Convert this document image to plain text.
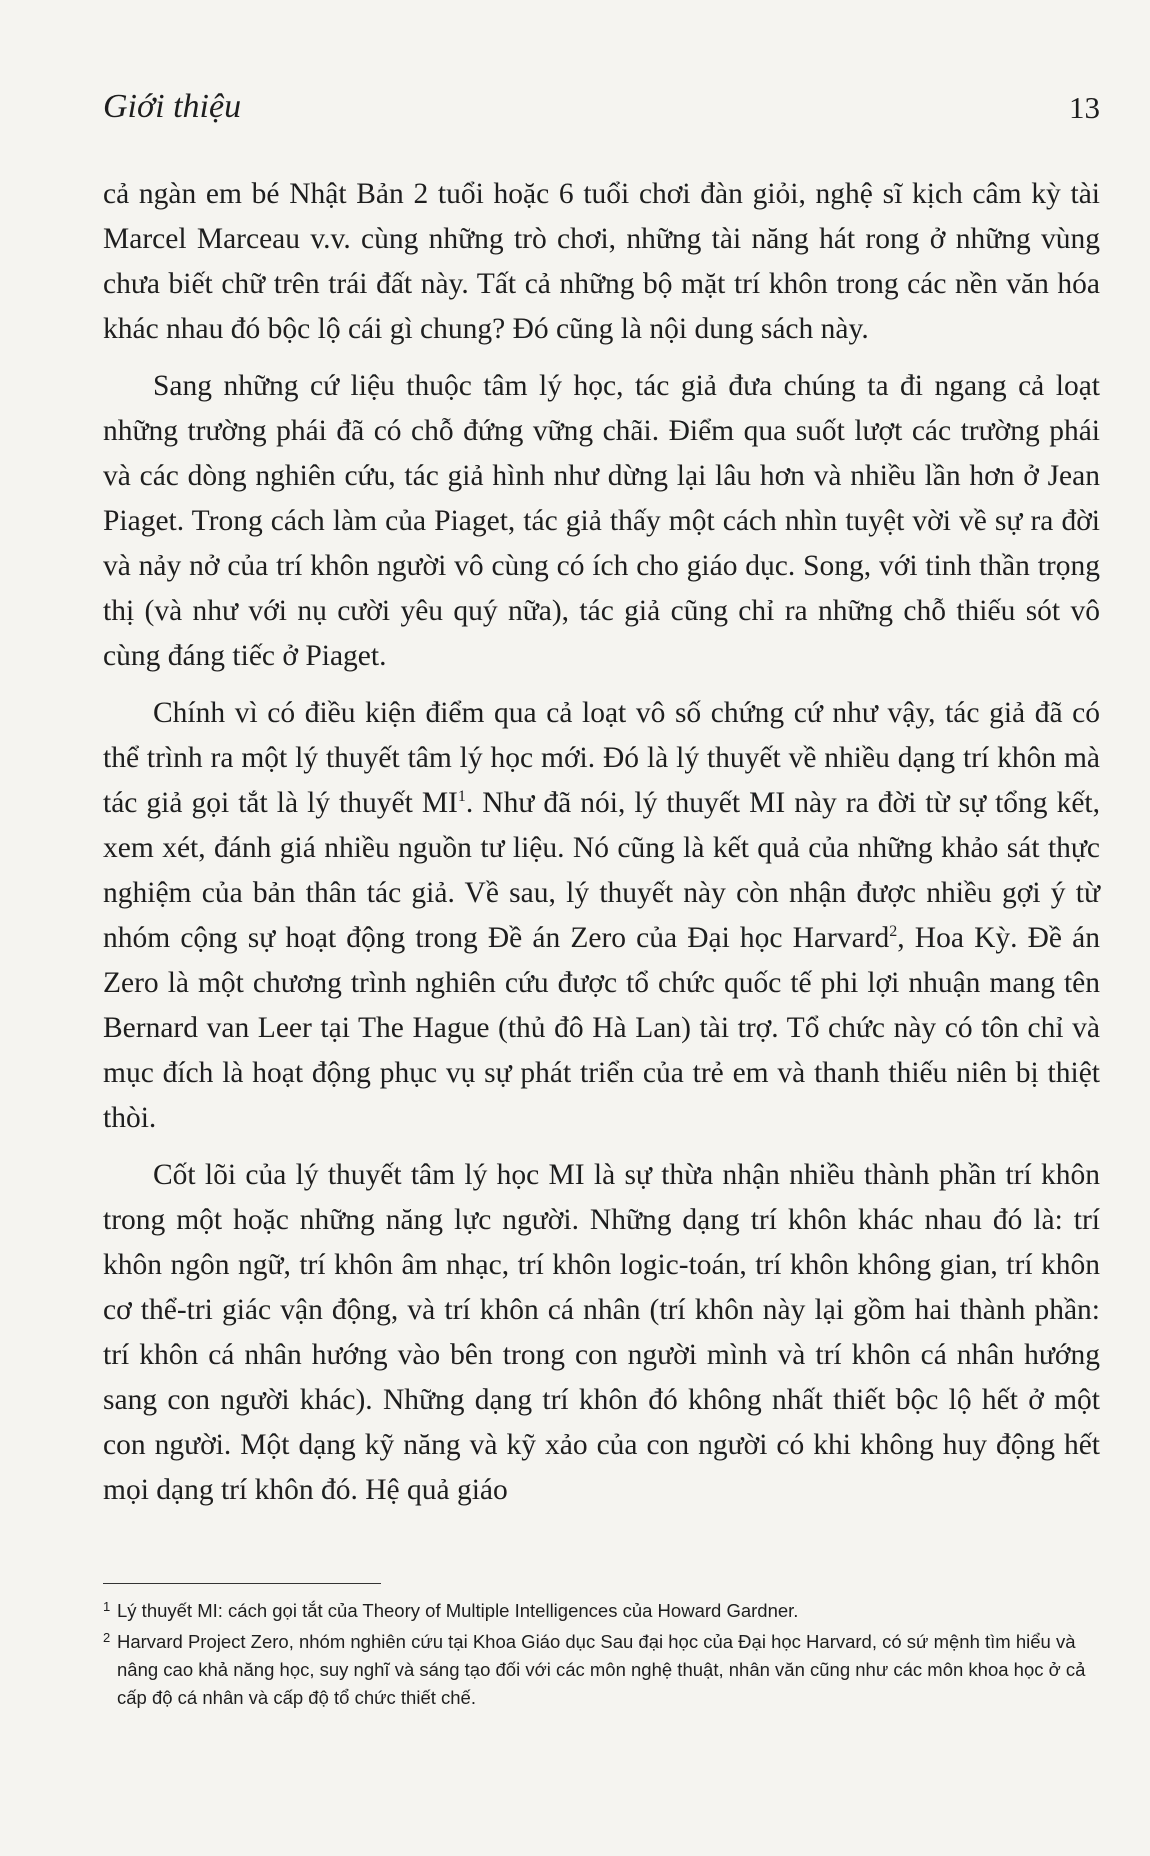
Giới thiệu	13

cả ngàn em bé Nhật Bản 2 tuổi hoặc 6 tuổi chơi đàn giỏi, nghệ sĩ kịch câm kỳ tài Marcel Marceau v.v. cùng những trò chơi, những tài năng hát rong ở những vùng chưa biết chữ trên trái đất này. Tất cả những bộ mặt trí khôn trong các nền văn hóa khác nhau đó bộc lộ cái gì chung? Đó cũng là nội dung sách này.

Sang những cứ liệu thuộc tâm lý học, tác giả đưa chúng ta đi ngang cả loạt những trường phái đã có chỗ đứng vững chãi. Điểm qua suốt lượt các trường phái và các dòng nghiên cứu, tác giả hình như dừng lại lâu hơn và nhiều lần hơn ở Jean Piaget. Trong cách làm của Piaget, tác giả thấy một cách nhìn tuyệt vời về sự ra đời và nảy nở của trí khôn người vô cùng có ích cho giáo dục. Song, với tinh thần trọng thị (và như với nụ cười yêu quý nữa), tác giả cũng chỉ ra những chỗ thiếu sót vô cùng đáng tiếc ở Piaget.

Chính vì có điều kiện điểm qua cả loạt vô số chứng cứ như vậy, tác giả đã có thể trình ra một lý thuyết tâm lý học mới. Đó là lý thuyết về nhiều dạng trí khôn mà tác giả gọi tắt là lý thuyết $MI^1$. Như đã nói, lý thuyết MI này ra đời từ sự tổng kết, xem xét, đánh giá nhiều nguồn tư liệu. Nó cũng là kết quả của những khảo sát thực nghiệm của bản thân tác giả. Về sau, lý thuyết này còn nhận được nhiều gợi ý từ nhóm cộng sự hoạt động trong Đề án Zero của Đại học Harvard$^2$, Hoa Kỳ. Đề án Zero là một chương trình nghiên cứu được tổ chức quốc tế phi lợi nhuận mang tên Bernard van Leer tại The Hague (thủ đô Hà Lan) tài trợ. Tổ chức này có tôn chỉ và mục đích là hoạt động phục vụ sự phát triển của trẻ em và thanh thiếu niên bị thiệt thòi.

Cốt lõi của lý thuyết tâm lý học MI là sự thừa nhận nhiều thành phần trí khôn trong một hoặc những năng lực người. Những dạng trí khôn khác nhau đó là: trí khôn ngôn ngữ, trí khôn âm nhạc, trí khôn logic-toán, trí khôn không gian, trí khôn cơ thể-tri giác vận động, và trí khôn cá nhân (trí khôn này lại gồm hai thành phần: trí khôn cá nhân hướng vào bên trong con người mình và trí khôn cá nhân hướng sang con người khác). Những dạng trí khôn đó không nhất thiết bộc lộ hết ở một con người. Một dạng kỹ năng và kỹ xảo của con người có khi không huy động hết mọi dạng trí khôn đó. Hệ quả giáo

1 Lý thuyết MI: cách gọi tắt của Theory of Multiple Intelligences của Howard Gardner.
2 Harvard Project Zero, nhóm nghiên cứu tại Khoa Giáo dục Sau đại học của Đại học Harvard, có sứ mệnh tìm hiểu và nâng cao khả năng học, suy nghĩ và sáng tạo đối với các môn nghệ thuật, nhân văn cũng như các môn khoa học ở cả cấp độ cá nhân và cấp độ tổ chức thiết chế.
